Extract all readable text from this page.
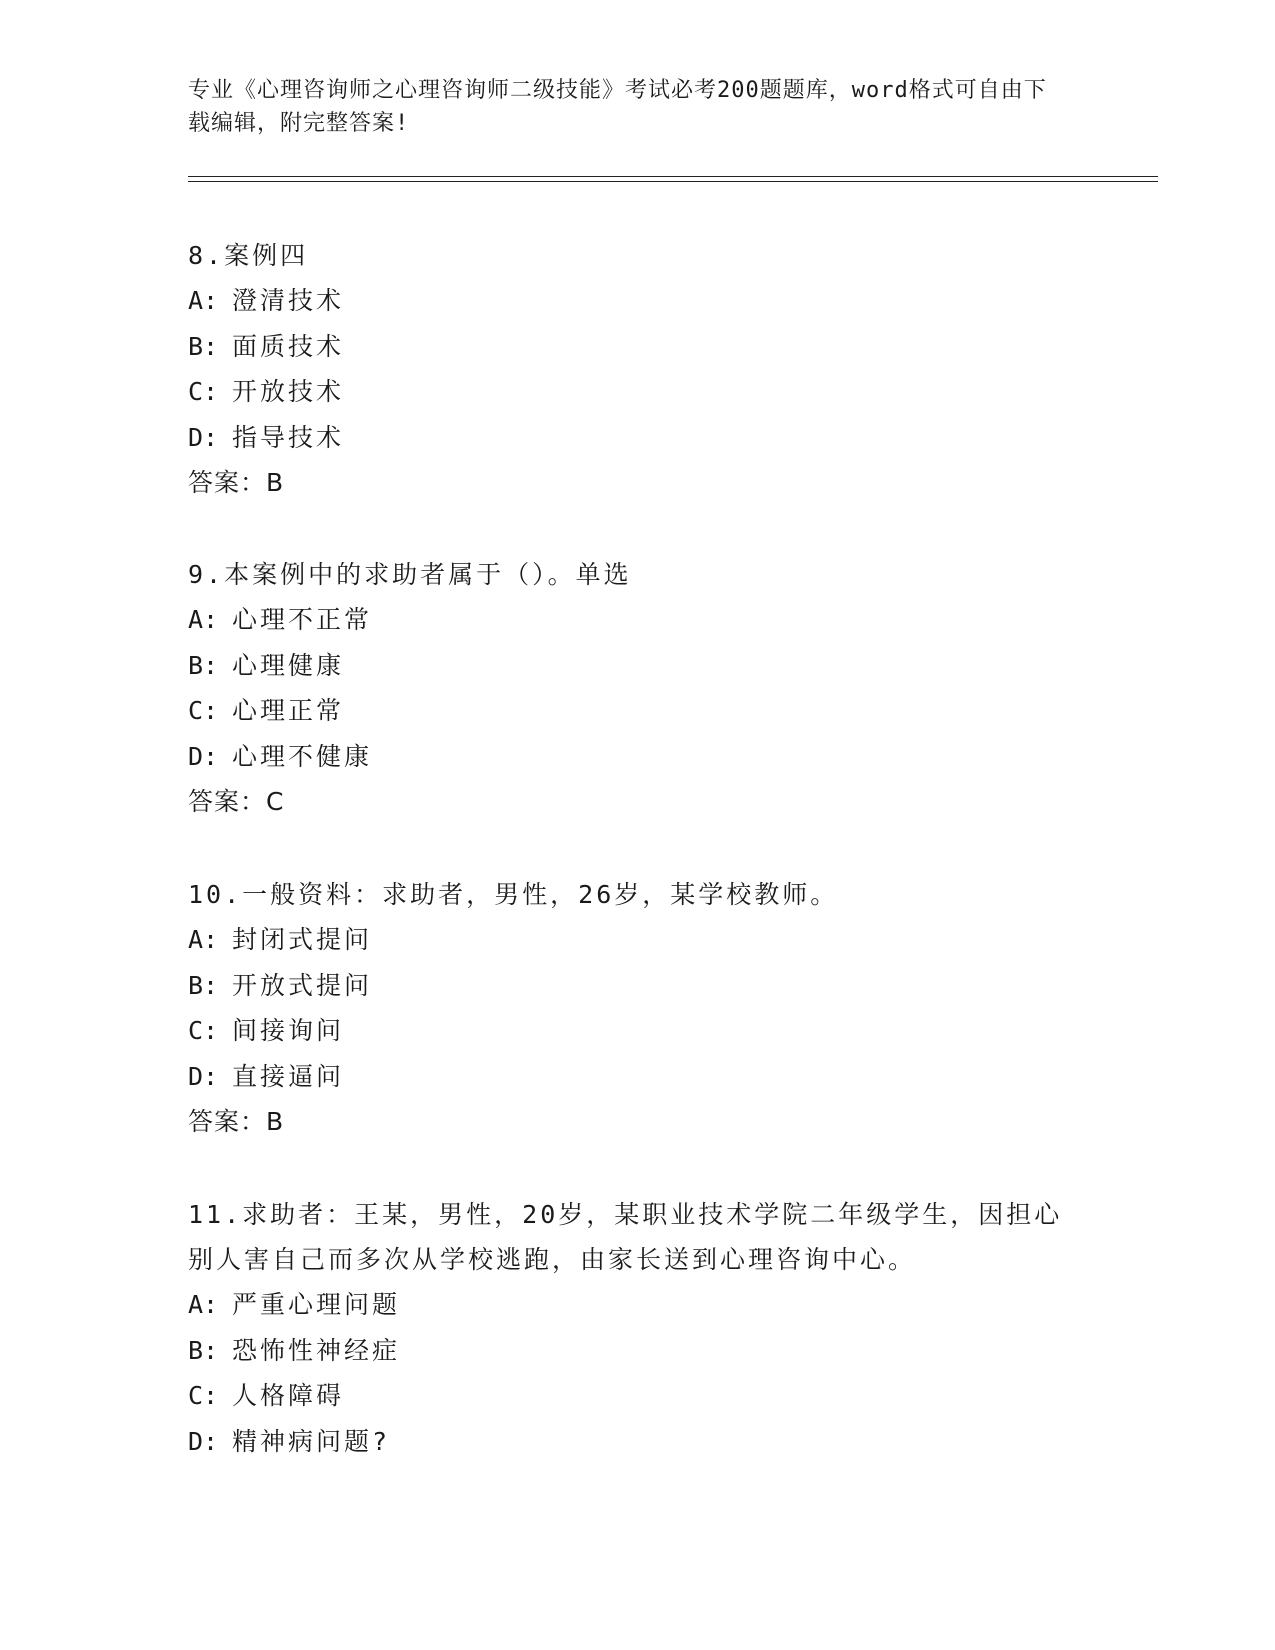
专业《心理咨询师之心理咨询师二级技能》考试必考200题题库，word格式可自由下载编辑，附完整答案!
8.案例四
A: 澄清技术
B: 面质技术
C: 开放技术
D: 指导技术
答案：B
9.本案例中的求助者属于（）。单选
A: 心理不正常
B: 心理健康
C: 心理正常
D: 心理不健康
答案：C
10.一般资料：求助者，男性，26岁，某学校教师。
A: 封闭式提问
B: 开放式提问
C: 间接询问
D: 直接逼问
答案：B
11.求助者：王某，男性，20岁，某职业技术学院二年级学生，因担心别人害自己而多次从学校逃跑，由家长送到心理咨询中心。
A: 严重心理问题
B: 恐怖性神经症
C: 人格障碍
D: 精神病问题?
